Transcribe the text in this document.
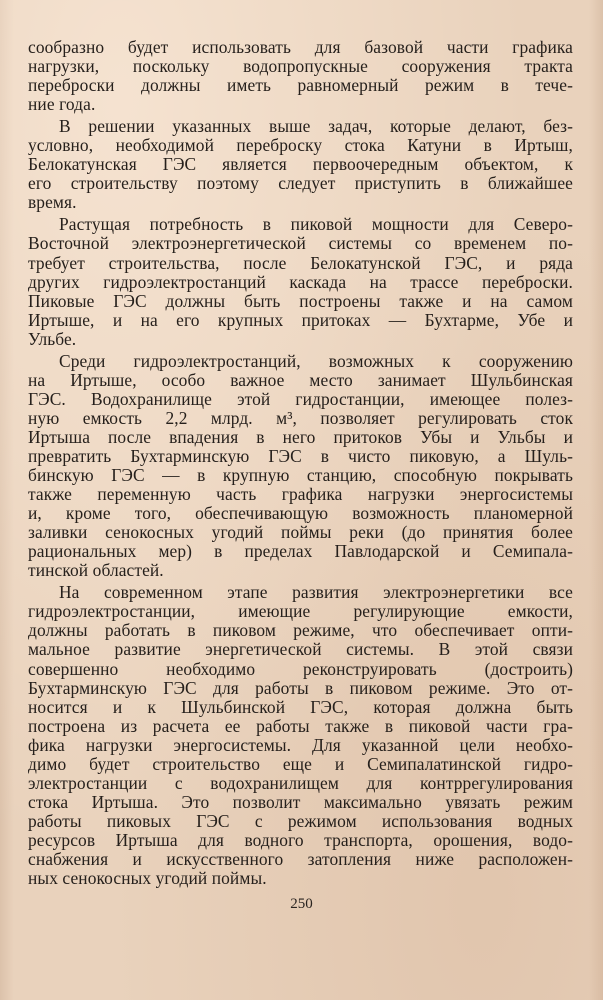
сообразно будет использовать для базовой части графика
нагрузки, поскольку водопропускные сооружения тракта
переброски должны иметь равномерный режим в тече-
ние года.

В решении указанных выше задач, которые делают, без-
условно, необходимой переброску стока Катуни в Иртыш,
Белокатунская ГЭС является первоочередным объектом, к
его строительству поэтому следует приступить в ближайшее
время.

Растущая потребность в пиковой мощности для Северо-
Восточной электроэнергетической системы со временем по-
требует строительства, после Белокатунской ГЭС, и ряда
других гидроэлектростанций каскада на трассе переброски.
Пиковые ГЭС должны быть построены также и на самом
Иртыше, и на его крупных притоках — Бухтарме, Убе и
Ульбе.

Среди гидроэлектростанций, возможных к сооружению
на Иртыше, особо важное место занимает Шульбинская
ГЭС. Водохранилище этой гидростанции, имеющее полез-
ную емкость 2,2 млрд. м³, позволяет регулировать сток
Иртыша после впадения в него притоков Убы и Ульбы и
превратить Бухтарминскую ГЭС в чисто пиковую, а Шуль-
бинскую ГЭС — в крупную станцию, способную покрывать
также переменную часть графика нагрузки энергосистемы
и, кроме того, обеспечивающую возможность планомерной
заливки сенокосных угодий поймы реки (до принятия более
рациональных мер) в пределах Павлодарской и Семипала-
тинской областей.

На современном этапе развития электроэнергетики все
гидроэлектростанции, имеющие регулирующие емкости,
должны работать в пиковом режиме, что обеспечивает опти-
мальное развитие энергетической системы. В этой связи
совершенно необходимо реконструировать (достроить)
Бухтарминскую ГЭС для работы в пиковом режиме. Это от-
носится и к Шульбинской ГЭС, которая должна быть
построена из расчета ее работы также в пиковой части гра-
фика нагрузки энергосистемы. Для указанной цели необхо-
димо будет строительство еще и Семипалатинской гидро-
электростанции с водохранилищем для контррегулирования
стока Иртыша. Это позволит максимально увязать режим
работы пиковых ГЭС с режимом использования водных
ресурсов Иртыша для водного транспорта, орошения, водо-
снабжения и искусственного затопления ниже расположен-
ных сенокосных угодий поймы.

250
